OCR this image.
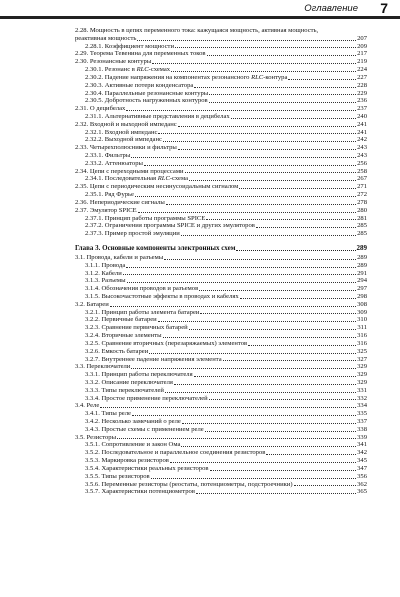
Оглавление 7
2.28. Мощность в цепях переменного тока: кажущаяся мощность, активная мощность,
реактивная мощность	207
2.28.1. Коэффициент мощности	209
2.29. Теорема Тевенина для переменных токов	217
2.30. Резонансные контуры	219
2.30.1. Резонанс в RLC-схемах	224
2.30.2. Падение напряжения на компонентах резонансного RLC-контура	227
2.30.3. Активные потери конденсатора	228
2.30.4. Параллельные резонансные контуры	229
2.30.5. Добротность нагруженных контуров	236
2.31. О децибелах	237
2.31.1. Альтернативные представления в децибелах	240
2.32. Входной и выходной импеданс	241
2.32.1. Входной импеданс	241
2.32.2. Выходной импеданс	242
2.33. Четырехполюсники и фильтры	243
2.33.1. Фильтры	243
2.33.2. Аттенюаторы	256
2.34. Цепи с переходными процессами	258
2.34.1. Последовательная RLC-схема	267
2.35. Цепи с периодическим несинусоидальным сигналом	271
2.35.1. Ряд Фурье	272
2.36. Непериодические сигналы	278
2.37. Эмулятор SPICE	280
2.37.1. Принцип работы программы SPICE	281
2.37.2. Ограничения программы SPICE и других эмуляторов	285
2.37.3. Пример простой эмуляции	285
Глава 3. Основные компоненты электронных схем	289
3.1. Провода, кабели и разъемы	289
3.1.1. Провода	289
3.1.2. Кабели	291
3.1.3. Разъемы	294
3.1.4. Обозначения проводов и разъемов	297
3.1.5. Высокочастотные эффекты в проводах и кабелях	298
3.2. Батареи	308
3.2.1. Принцип работы элемента батареи	309
3.2.2. Первичные батареи	310
3.2.3. Сравнение первичных батарей	311
3.2.4. Вторичные элементы	316
3.2.5. Сравнение вторичных (перезаряжаемых) элементов	316
3.2.6. Емкость батареи	325
3.2.7. Внутреннее падение напряжения элемента	327
3.3. Переключатели	329
3.3.1. Принцип работы переключателя	329
3.3.2. Описание переключателя	329
3.3.3. Типы переключателей	331
3.3.4. Простое применение переключателей	332
3.4. Реле	334
3.4.1. Типы реле	335
3.4.2. Несколько замечаний о реле	337
3.4.3. Простые схемы с применением реле	338
3.5. Резисторы	339
3.5.1. Сопротивление и закон Ома	341
3.5.2. Последовательное и параллельное соединения резисторов	342
3.5.3. Маркировка резисторов	345
3.5.4. Характеристики реальных резисторов	347
3.5.5. Типы резисторов	356
3.5.6. Переменные резисторы (реостаты, потенциометры, подстроечники)	362
3.5.7. Характеристики потенциометров	365
